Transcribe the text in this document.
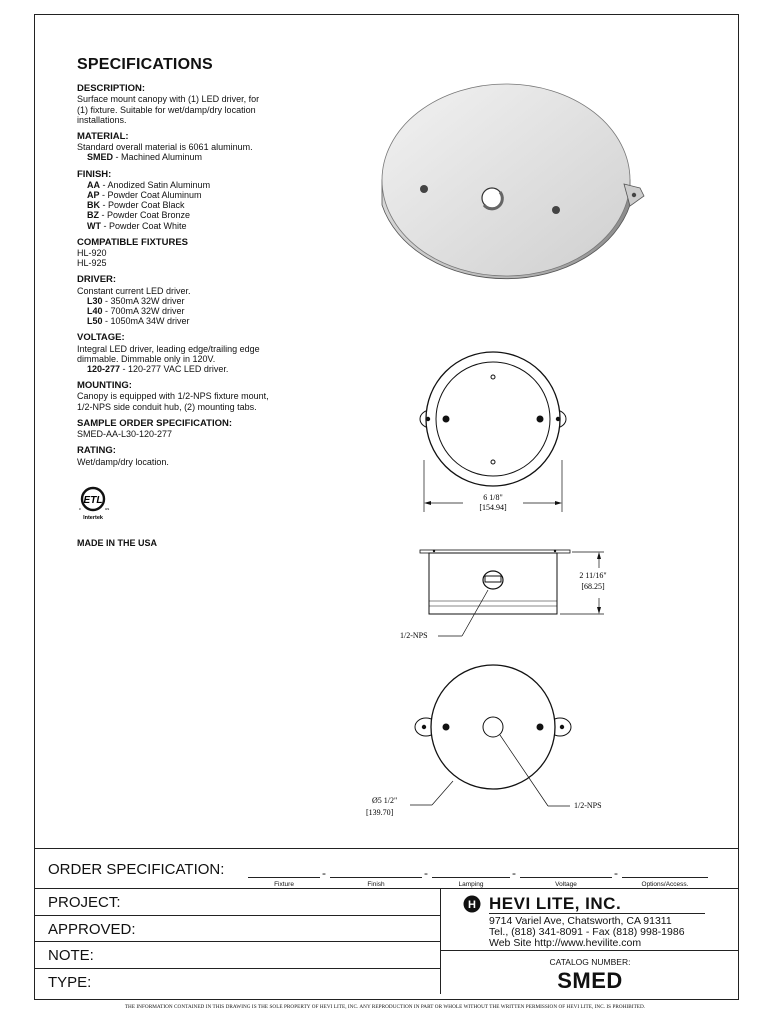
SPECIFICATIONS
DESCRIPTION:
Surface mount canopy with (1) LED driver, for
(1) fixture. Suitable for wet/damp/dry location
installations.
MATERIAL:
Standard overall material is 6061 aluminum.
SMED - Machined Aluminum
FINISH:
AA - Anodized Satin Aluminum
AP - Powder Coat Aluminum
BK - Powder Coat Black
BZ - Powder Coat Bronze
WT - Powder Coat White
COMPATIBLE FIXTURES
HL-920
HL-925
DRIVER:
Constant current LED driver.
L30 - 350mA 32W driver
L40 - 700mA 32W driver
L50 - 1050mA 34W driver
VOLTAGE:
Integral LED driver, leading edge/trailing edge
dimmable. Dimmable only in 120V.
120-277 - 120-277 VAC LED driver.
MOUNTING:
Canopy is equipped with 1/2-NPS fixture mount,
1/2-NPS side conduit hub, (2) mounting tabs.
SAMPLE ORDER SPECIFICATION:
SMED-AA-L30-120-277
RATING:
Wet/damp/dry location.
ETL
c	us
Intertek
MADE IN THE USA
6 1/8"
[154.94]
2 11/16"
[68.25]
1/2-NPS
Ø5 1/2"
[139.70]
1/2-NPS
ORDER SPECIFICATION:	-	-	-	-
Fixture	Finish	Lamping	Voltage	Options/Access.
PROJECT:
APPROVED:
NOTE:
TYPE:
H HEVI LITE, INC.
9714 Variel Ave, Chatsworth, CA 91311
Tel., (818) 341-8091 - Fax (818) 998-1986
Web Site http://www.hevilite.com
CATALOG NUMBER:
SMED
THE INFORMATION CONTAINED IN THIS DRAWING IS THE SOLE PROPERTY OF HEVI LITE, INC. ANY REPRODUCTION IN PART OR WHOLE WITHOUT THE WRITTEN PERMISSION OF HEVI LITE, INC. IS PROHIBITED.
